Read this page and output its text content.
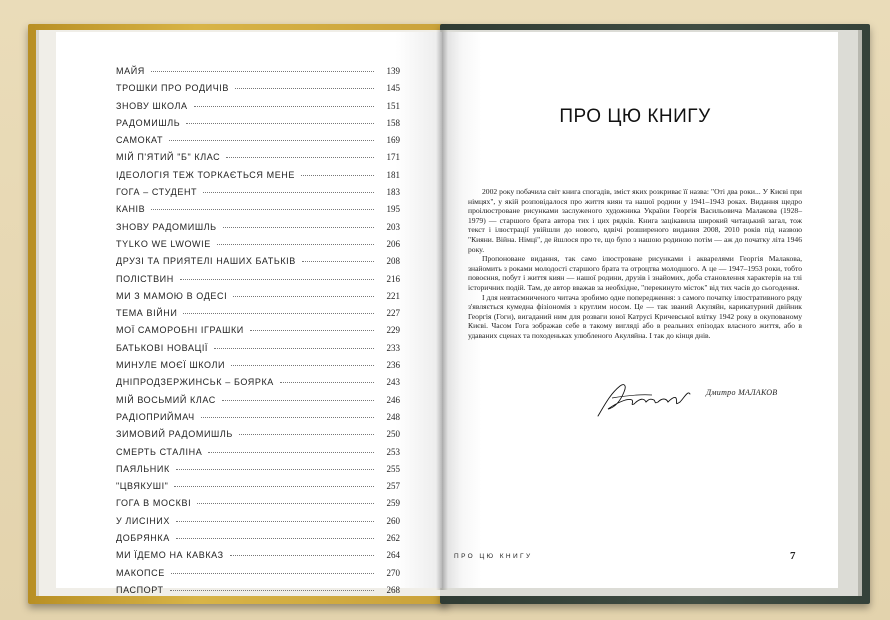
МАЙЯ	139
ТРОШКИ ПРО РОДИЧІВ	145
ЗНОВУ ШКОЛА	151
РАДОМИШЛЬ	158
САМОКАТ	169
МІЙ П'ЯТИЙ "Б" КЛАС	171
ІДЕОЛОГІЯ ТЕЖ ТОРКАЄТЬСЯ МЕНЕ	181
ГОГА – СТУДЕНТ	183
КАНІВ	195
ЗНОВУ РАДОМИШЛЬ	203
TYLKO WE LWOWIE	206
ДРУЗІ ТА ПРИЯТЕЛІ НАШИХ БАТЬКІВ	208
ПОЛІСТВИН	216
МИ З МАМОЮ В ОДЕСІ	221
ТЕМА ВІЙНИ	227
МОЇ САМОРОБНІ ІГРАШКИ	229
БАТЬКОВІ НОВАЦІЇ	233
МИНУЛЕ МОЄЇ ШКОЛИ	236
ДНІПРОДЗЕРЖИНСЬК – БОЯРКА	243
МІЙ ВОСЬМИЙ КЛАС	246
РАДІОПРИЙМАЧ	248
ЗИМОВИЙ РАДОМИШЛЬ	250
СМЕРТЬ СТАЛІНА	253
ПАЯЛЬНИК	255
"ЦВЯКУШІ"	257
ГОГА В МОСКВІ	259
У ЛИСІНИХ	260
ДОБРЯНКА	262
МИ ЇДЕМО НА КАВКАЗ	264
МАКОПСЕ	270
ПАСПОРТ	268
ПРО ЦЮ КНИГУ

2002 року побачила світ книга спогадів, зміст яких розкриває її назва: "Оті два роки... У Києві при німцях", у якій розповідалося про життя киян та нашої родини у 1941–1943 роках. Видання щедро проілюстроване рисунками заслуженого художника України Георгія Васильовича Малакова (1928–1979) — старшого брата автора тих і цих рядків. Книга зацікавила широкий читацький загал, тож текст і ілюстрації увійшли до нового, вдвічі розширеного видання 2008, 2010 років під назвою "Кияни. Війна. Німці", де йшлося про те, що було з нашою родиною потім — аж до початку літа 1946 року.

Пропоноване видання, так само ілюстроване рисунками і акварелями Георгія Малакова, знайомить з роками молодості старшого брата та отроцтва молодшого. А це — 1947–1953 роки, тобто повоєння, побут і життя киян — нашої родини, друзів і знайомих, доба становлення характерів на тлі історичних подій. Там, де автор вважав за необхідне, "перекинуто місток" від тих часів до сьогодення.

І для невтаємниченого читача зробимо одне попередження: з самого початку ілюстративного ряду з'являється кумедна фізіономія з круглим носом. Це — так званий Акуляйн, карикатурний двійник Георгія (Гоги), вигаданий ним для розваги юної Катрусі Кричевської влітку 1942 року в окупованому Києві. Часом Гога зображав себе в такому вигляді або в реальних епізодах власного життя, або в удаваних сценах та походеньках улюбленого Акуляйна. І так до кінця днів.

Дмитро МАЛАКОВ
ПРО ЦЮ КНИГУ	7
